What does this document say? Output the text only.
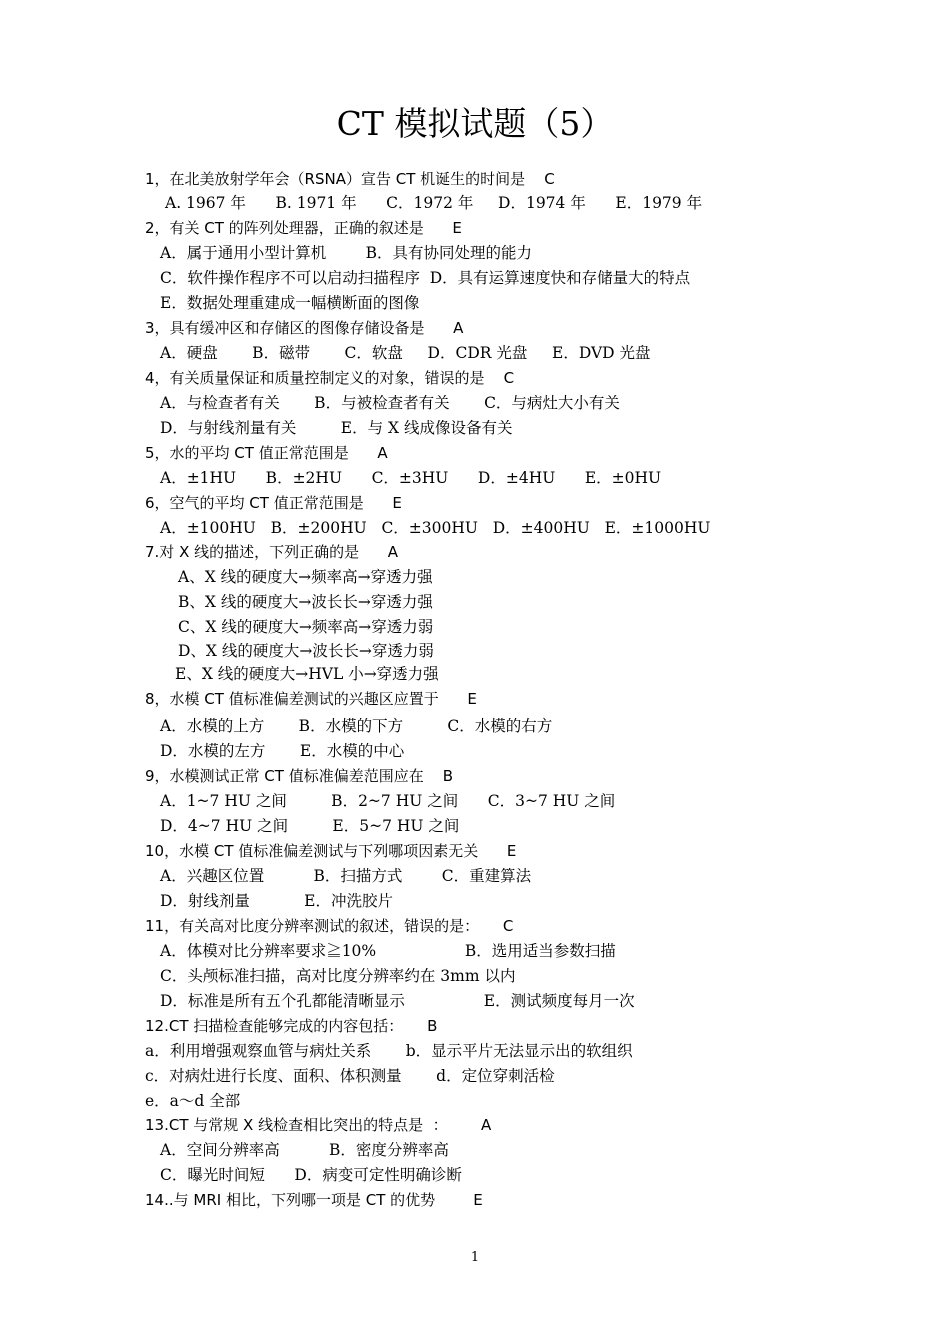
CT 模拟试题（5）
1，在北美放射学年会（RSNA）宣告 CT 机诞生的时间是    C
A. 1967 年      B. 1971 年      C．1972 年     D．1974 年      E．1979 年
2，有关 CT 的阵列处理器，正确的叙述是      E
A．属于通用小型计算机        B．具有协同处理的能力
C．软件操作程序不可以启动扫描程序  D．具有运算速度快和存储量大的特点
E．数据处理重建成一幅横断面的图像
3，具有缓冲区和存储区的图像存储设备是      A
A．硬盘       B．磁带       C．软盘     D．CDR 光盘     E．DVD 光盘
4，有关质量保证和质量控制定义的对象，错误的是    C
A．与检查者有关       B．与被检查者有关       C．与病灶大小有关
D．与射线剂量有关         E．与 X 线成像设备有关
5，水的平均 CT 值正常范围是      A
A．±1HU      B．±2HU      C．±3HU      D．±4HU      E．±0HU
6，空气的平均 CT 值正常范围是      E
A．±100HU   B．±200HU   C．±300HU   D．±400HU   E．±1000HU
7.对 X 线的描述，下列正确的是      A
A、X 线的硬度大→频率高→穿透力强
B、X 线的硬度大→波长长→穿透力强
C、X 线的硬度大→频率高→穿透力弱
D、X 线的硬度大→波长长→穿透力弱
E、X 线的硬度大→HVL 小→穿透力强
8，水模 CT 值标准偏差测试的兴趣区应置于      E
A．水模的上方       B．水模的下方         C．水模的右方
D．水模的左方       E．水模的中心
9，水模测试正常 CT 值标准偏差范围应在    B
A．1~7 HU 之间         B．2~7 HU 之间      C．3~7 HU 之间
D．4~7 HU 之间         E．5~7 HU 之间
10，水模 CT 值标准偏差测试与下列哪项因素无关      E
A．兴趣区位置          B．扫描方式        C．重建算法
D．射线剂量           E．冲洗胶片
11，有关高对比度分辨率测试的叙述，错误的是：     C
A．体模对比分辨率要求≧10%                  B．选用适当参数扫描
C．头颅标准扫描，高对比度分辨率约在 3mm 以内
D．标准是所有五个孔都能清晰显示                E．测试频度每月一次
12.CT 扫描检查能够完成的内容包括：     B
a．利用增强观察血管与病灶关系       b．显示平片无法显示出的软组织
c．对病灶进行长度、面积、体积测量       d．定位穿刺活检
e．a～d 全部
13.CT 与常规 X 线检查相比突出的特点是  ：       A
A．空间分辨率高          B．密度分辨率高
C．曝光时间短      D．病变可定性明确诊断
14..与 MRI 相比，下列哪一项是 CT 的优势        E
1
